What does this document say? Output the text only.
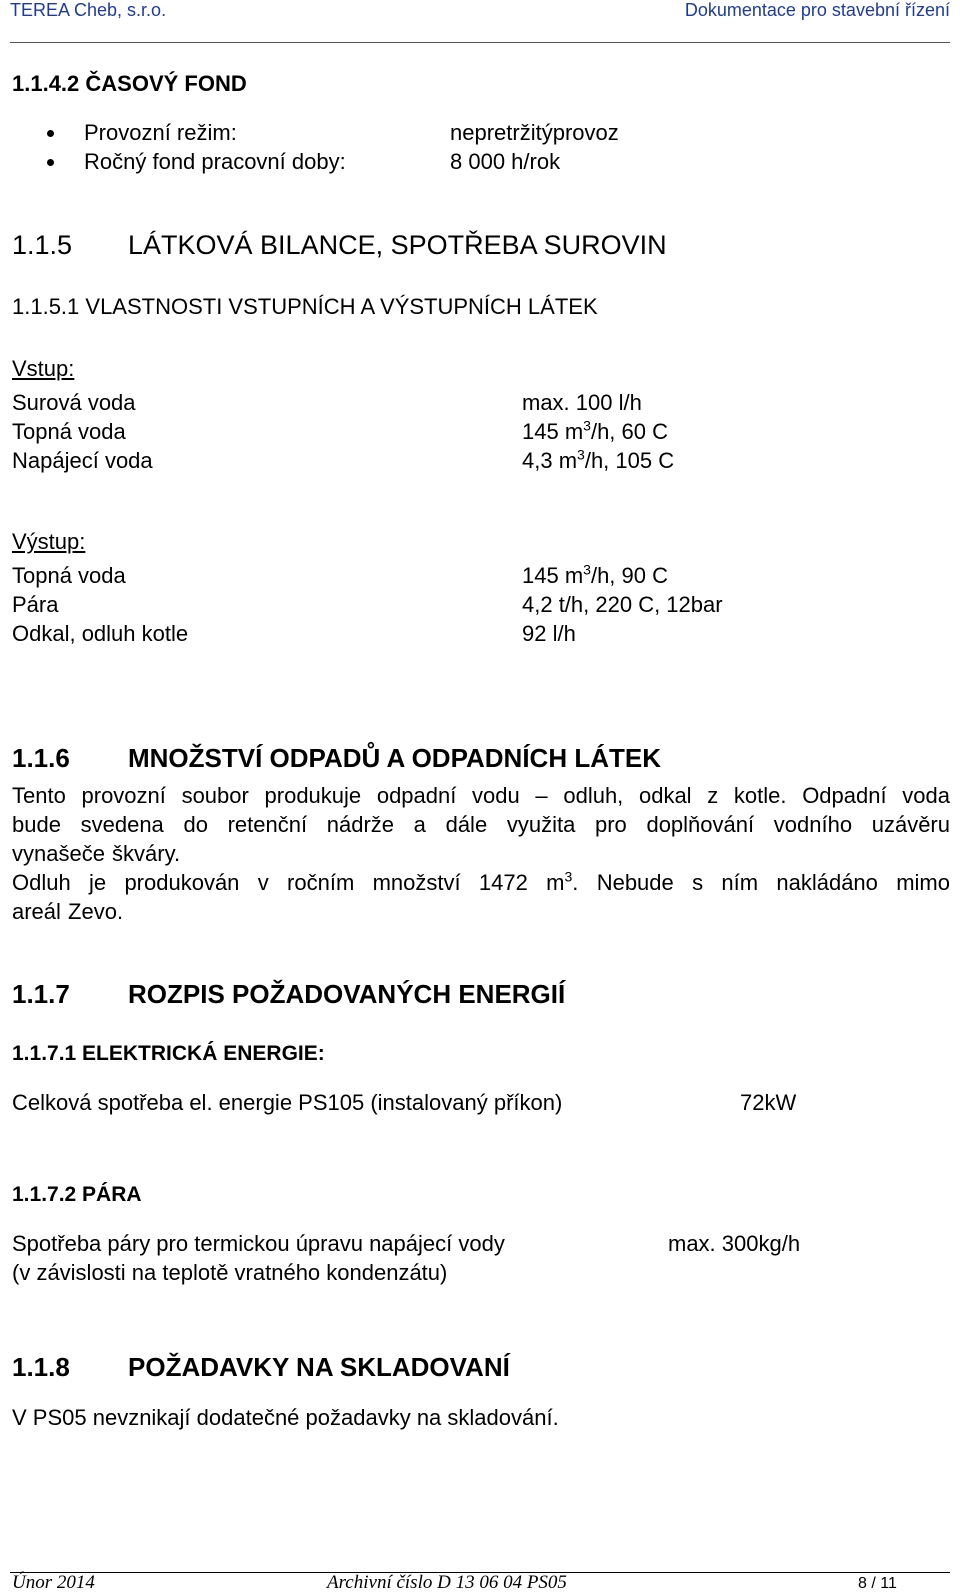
TEREA Cheb, s.r.o.	Dokumentace pro stavební řízení
1.1.4.2 ČASOVÝ FOND
Provozní režim:	nepretržitýprovoz
Ročný fond pracovní doby:	8 000 h/rok
1.1.5 LÁTKOVÁ BILANCE, SPOTŘEBA SUROVIN
1.1.5.1 VLASTNOSTI VSTUPNÍCH A VÝSTUPNÍCH LÁTEK
Vstup:
Surová voda	max. 100 l/h
Topná voda	145 $m^3/h$, 60 C
Napájecí voda	4,3 $m^3/h$, 105 C
Výstup:
Topná voda	145 $m^3/h$, 90 C
Pára	4,2 t/h, 220 C, 12bar
Odkal, odluh kotle	92 l/h
1.1.6 MNOŽSTVÍ ODPADŮ A ODPADNÍCH LÁTEK
Tento provozní soubor produkuje odpadní vodu – odluh, odkal z kotle. Odpadní voda
bude svedena do retenční nádrže a dále využita pro doplňování vodního uzávěru
vynašeče škváry.
Odluh je produkován v ročním množství 1472 $m^3$. Nebude s ním nakládáno mimo
areál Zevo.
1.1.7 ROZPIS POŽADOVANÝCH ENERGIÍ
1.1.7.1 ELEKTRICKÁ ENERGIE:
Celková spotřeba el. energie PS105 (instalovaný příkon)	72kW
1.1.7.2 PÁRA
Spotřeba páry pro termickou úpravu napájecí vody	max. 300kg/h
(v závislosti na teplotě vratného kondenzátu)
1.1.8 POŽADAVKY NA SKLADOVANÍ
V PS05 nevznikají dodatečné požadavky na skladování.
Únor 2014	Archivní číslo D 13 06 04 PS05	8 / 11
